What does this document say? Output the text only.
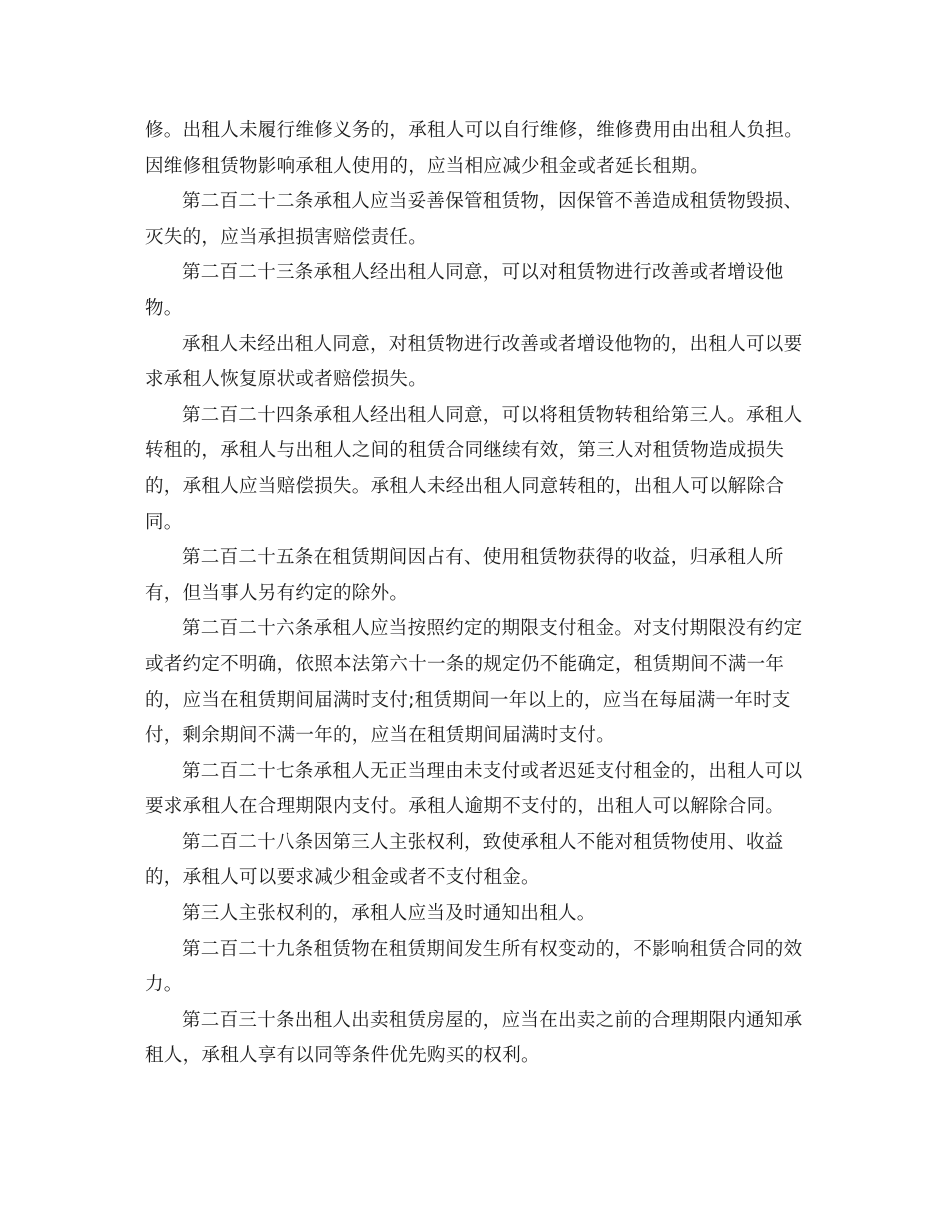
修。出租人未履行维修义务的，承租人可以自行维修，维修费用由出租人负担。因维修租赁物影响承租人使用的，应当相应减少租金或者延长租期。

第二百二十二条承租人应当妥善保管租赁物，因保管不善造成租赁物毁损、灭失的，应当承担损害赔偿责任。

第二百二十三条承租人经出租人同意，可以对租赁物进行改善或者增设他物。

承租人未经出租人同意，对租赁物进行改善或者增设他物的，出租人可以要求承租人恢复原状或者赔偿损失。

第二百二十四条承租人经出租人同意，可以将租赁物转租给第三人。承租人转租的，承租人与出租人之间的租赁合同继续有效，第三人对租赁物造成损失的，承租人应当赔偿损失。承租人未经出租人同意转租的，出租人可以解除合同。

第二百二十五条在租赁期间因占有、使用租赁物获得的收益，归承租人所有，但当事人另有约定的除外。

第二百二十六条承租人应当按照约定的期限支付租金。对支付期限没有约定或者约定不明确，依照本法第六十一条的规定仍不能确定，租赁期间不满一年的，应当在租赁期间届满时支付;租赁期间一年以上的，应当在每届满一年时支付，剩余期间不满一年的，应当在租赁期间届满时支付。

第二百二十七条承租人无正当理由未支付或者迟延支付租金的，出租人可以要求承租人在合理期限内支付。承租人逾期不支付的，出租人可以解除合同。

第二百二十八条因第三人主张权利，致使承租人不能对租赁物使用、收益的，承租人可以要求减少租金或者不支付租金。

第三人主张权利的，承租人应当及时通知出租人。

第二百二十九条租赁物在租赁期间发生所有权变动的，不影响租赁合同的效力。

第二百三十条出租人出卖租赁房屋的，应当在出卖之前的合理期限内通知承租人，承租人享有以同等条件优先购买的权利。
